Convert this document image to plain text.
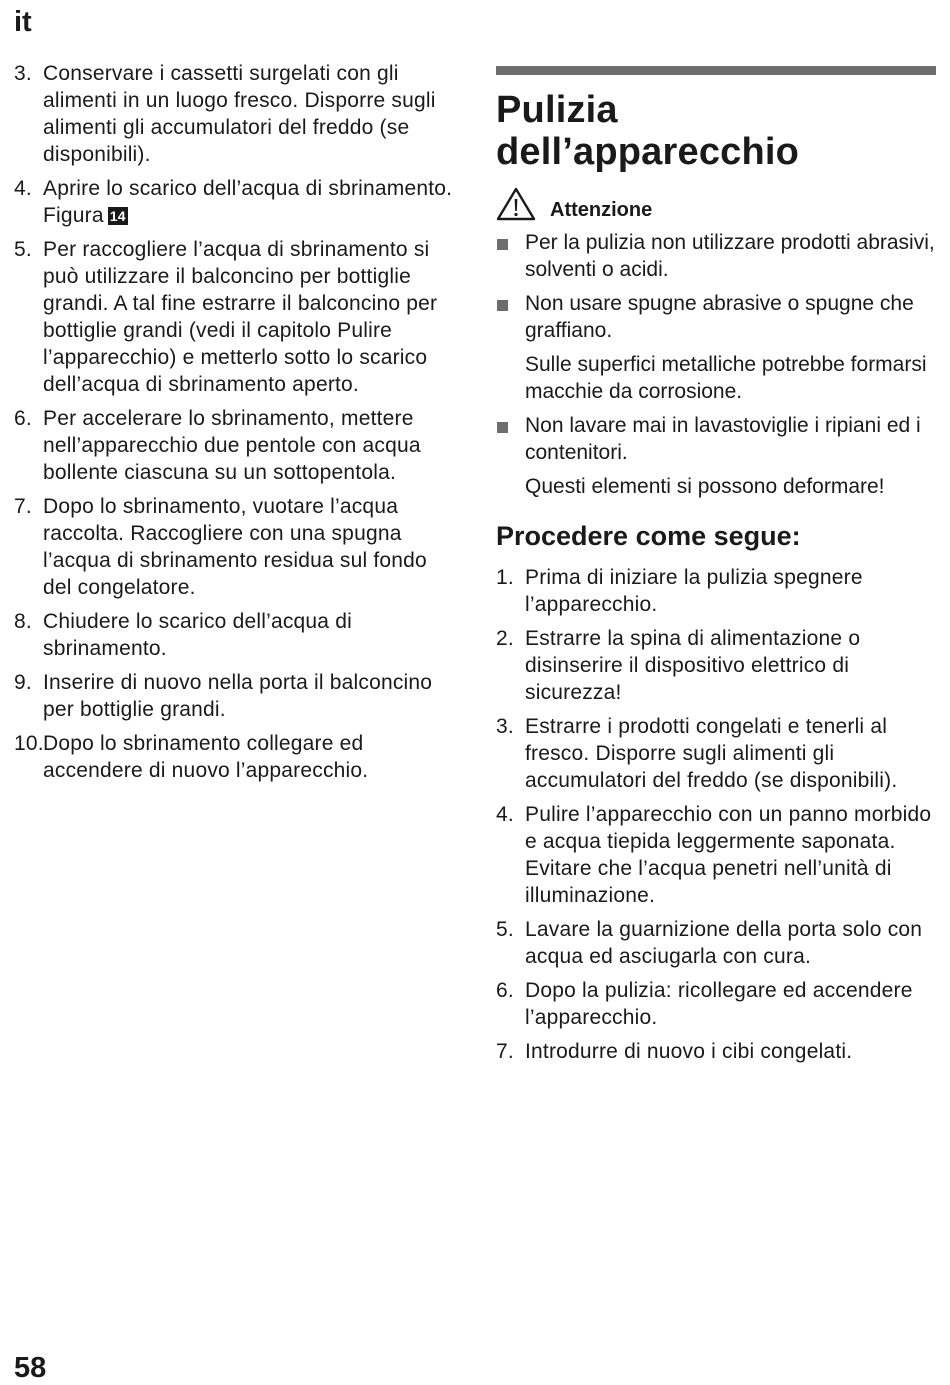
it
3. Conservare i cassetti surgelati con gli alimenti in un luogo fresco. Disporre sugli alimenti gli accumulatori del freddo (se disponibili).
4. Aprire lo scarico dell’acqua di sbrinamento. Figura 14
5. Per raccogliere l’acqua di sbrinamento si può utilizzare il balconcino per bottiglie grandi. A tal fine estrarre il balconcino per bottiglie grandi (vedi il capitolo Pulire l’apparecchio) e metterlo sotto lo scarico dell’acqua di sbrinamento aperto.
6. Per accelerare lo sbrinamento, mettere nell’apparecchio due pentole con acqua bollente ciascuna su un sottopentola.
7. Dopo lo sbrinamento, vuotare l’acqua raccolta. Raccogliere con una spugna l’acqua di sbrinamento residua sul fondo del congelatore.
8. Chiudere lo scarico dell’acqua di sbrinamento.
9. Inserire di nuovo nella porta il balconcino per bottiglie grandi.
10. Dopo lo sbrinamento collegare ed accendere di nuovo l’apparecchio.
Pulizia
dell’apparecchio
Attenzione
Per la pulizia non utilizzare prodotti abrasivi, solventi o acidi.
Non usare spugne abrasive o spugne che graffiano.
Sulle superfici metalliche potrebbe formarsi macchie da corrosione.
Non lavare mai in lavastoviglie i ripiani ed i contenitori.
Questi elementi si possono deformare!
Procedere come segue:
1. Prima di iniziare la pulizia spegnere l’apparecchio.
2. Estrarre la spina di alimentazione o disinserire il dispositivo elettrico di sicurezza!
3. Estrarre i prodotti congelati e tenerli al fresco. Disporre sugli alimenti gli accumulatori del freddo (se disponibili).
4. Pulire l’apparecchio con un panno morbido e acqua tiepida leggermente saponata. Evitare che l’acqua penetri nell’unità di illuminazione.
5. Lavare la guarnizione della porta solo con acqua ed asciugarla con cura.
6. Dopo la pulizia: ricollegare ed accendere l’apparecchio.
7. Introdurre di nuovo i cibi congelati.
58
